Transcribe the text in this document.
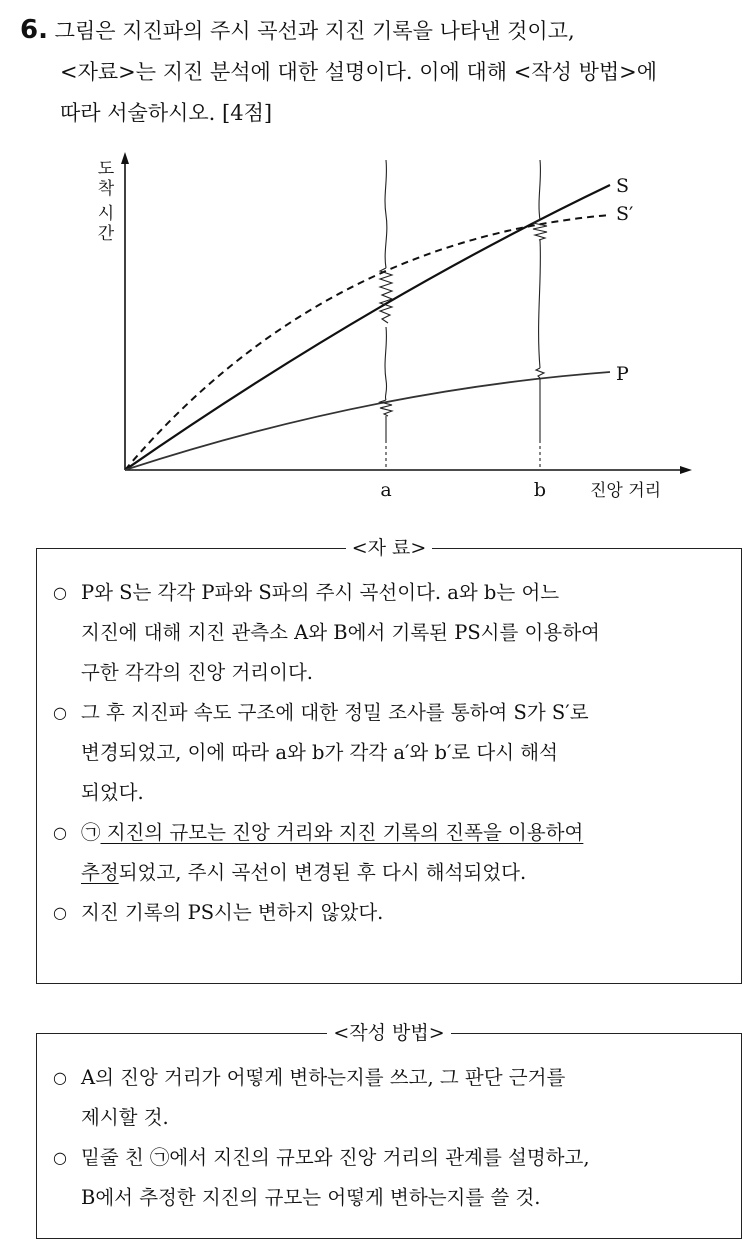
6. 그림은 지진파의 주시 곡선과 지진 기록을 나타낸 것이고,
<자료>는 지진 분석에 대한 설명이다. 이에 대해 <작성 방법>에
따라 서술하시오. [4점]
도
착
시
간
S
S′
P
a	b	진앙 거리
<자 료>
○ P와 S는 각각 P파와 S파의 주시 곡선이다. a와 b는 어느
지진에 대해 지진 관측소 A와 B에서 기록된 PS시를 이용하여
구한 각각의 진앙 거리이다.
○ 그 후 지진파 속도 구조에 대한 정밀 조사를 통하여 S가 S′로
변경되었고, 이에 따라 a와 b가 각각 a′와 b′로 다시 해석
되었다.
○ ㉠ 지진의 규모는 진앙 거리와 지진 기록의 진폭을 이용하여
추정되었고, 주시 곡선이 변경된 후 다시 해석되었다.
○ 지진 기록의 PS시는 변하지 않았다.
<작성 방법>
○ A의 진앙 거리가 어떻게 변하는지를 쓰고, 그 판단 근거를
제시할 것.
○ 밑줄 친 ㉠에서 지진의 규모와 진앙 거리의 관계를 설명하고,
B에서 추정한 지진의 규모는 어떻게 변하는지를 쓸 것.
